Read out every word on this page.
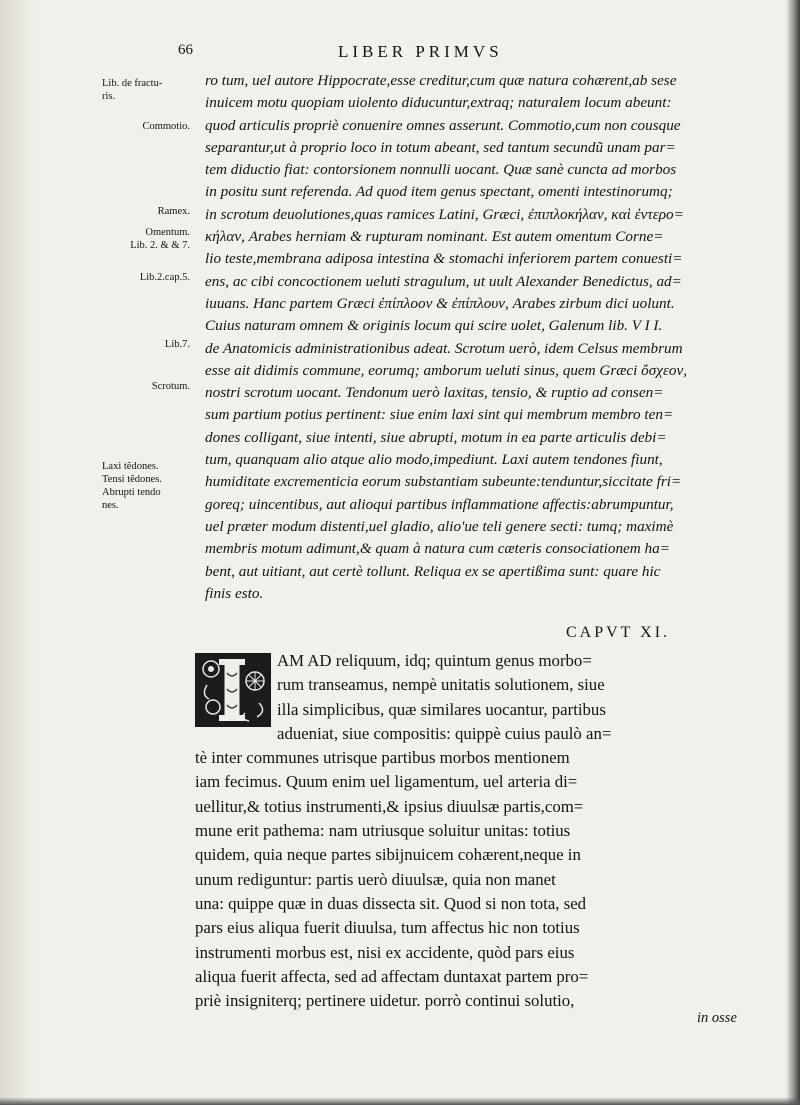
66	LIBER PRIMVS
Lib. de fractu-
ris.
Commotio.
Ramex.
Omentum.
Lib. 2. & & 7.
Lib.2.cap.5.
Lib.7.
Scrotum.
Laxi tẽdones.
Tensi tẽdones.
Abrupti tendo
nes.
ro tum, uel autore Hippocrate,esse creditur,cum quæ natura cohærent,ab sese
inuicem motu quopiam uiolento diducuntur,extraq; naturalem locum abeunt:
quod articulis propriè conuenire omnes asserunt. Commotio,cum non cousque
separantur,ut à proprio loco in totum abeant, sed tantum secundũ unam par=
tem diductio fiat: contorsionem nonnulli uocant. Quæ sanè cuncta ad morbos
in positu sunt referenda. Ad quod item genus spectant, omenti intestinorumq;
in scrotum deuolutiones,quas ramices Latini, Græci, ἐπιπλοκήλαν, καὶ ἐντερο=
κήλαν, Arabes herniam & rupturam nominant. Est autem omentum Corne=
lio teste,membrana adiposa intestina & stomachi inferiorem partem conuesti=
ens, ac cibi concoctionem ueluti stragulum, ut uult Alexander Benedictus, ad=
iuuans. Hanc partem Græci ἐπίπλοον & ἐπίπλουν, Arabes zirbum dici uolunt.
Cuius naturam omnem & originis locum qui scire uolet, Galenum lib. V I I.
de Anatomicis administrationibus adeat. Scrotum uerò, idem Celsus membrum
esse ait didimis commune, eorumq; amborum ueluti sinus, quem Græci ὄσχεον,
nostri scrotum uocant. Tendonum uerò laxitas, tensio, & ruptio ad consen=
sum partium potius pertinent: siue enim laxi sint qui membrum membro ten=
dones colligant, siue intenti, siue abrupti, motum in ea parte articulis debi=
tum, quanquam alio atque alio modo,impediunt. Laxi autem tendones fiunt,
humiditate excrementicia eorum substantiam subeunte:tenduntur,siccitate fri=
goreq; uincentibus, aut alioqui partibus inflammatione affectis:abrumpuntur,
uel præter modum distenti,uel gladio, alio'ue teli genere secti: tumq; maximè
membris motum adimunt,& quam à natura cum cæteris consociationem ha=
bent, aut uitiant, aut certè tollunt. Reliqua ex se apertißima sunt: quare hic
finis esto.
CAPVT XI.
AM AD reliquum, idq; quintum genus morbo=
rum transeamus, nempè unitatis solutionem, siue
illa simplicibus, quæ similares uocantur, partibus
adueniat, siue compositis: quippè cuius paulò an=
tè inter communes utrisque partibus morbos mentionem
iam fecimus. Quum enim uel ligamentum, uel arteria di=
uellitur,& totius instrumenti,& ipsius diuulsæ partis,com=
mune erit pathema: nam utriusque soluitur unitas: totius
quidem, quia neque partes sibijnuicem cohærent,neque in
unum rediguntur: partis uerò diuulsæ, quia non manet
una: quippe quæ in duas dissecta sit. Quod si non tota, sed
pars eius aliqua fuerit diuulsa, tum affectus hic non totius
instrumenti morbus est, nisi ex accidente, quòd pars eius
aliqua fuerit affecta, sed ad affectam duntaxat partem pro=
priè insigniterq; pertinere uidetur. porrò continui solutio,
in osse
